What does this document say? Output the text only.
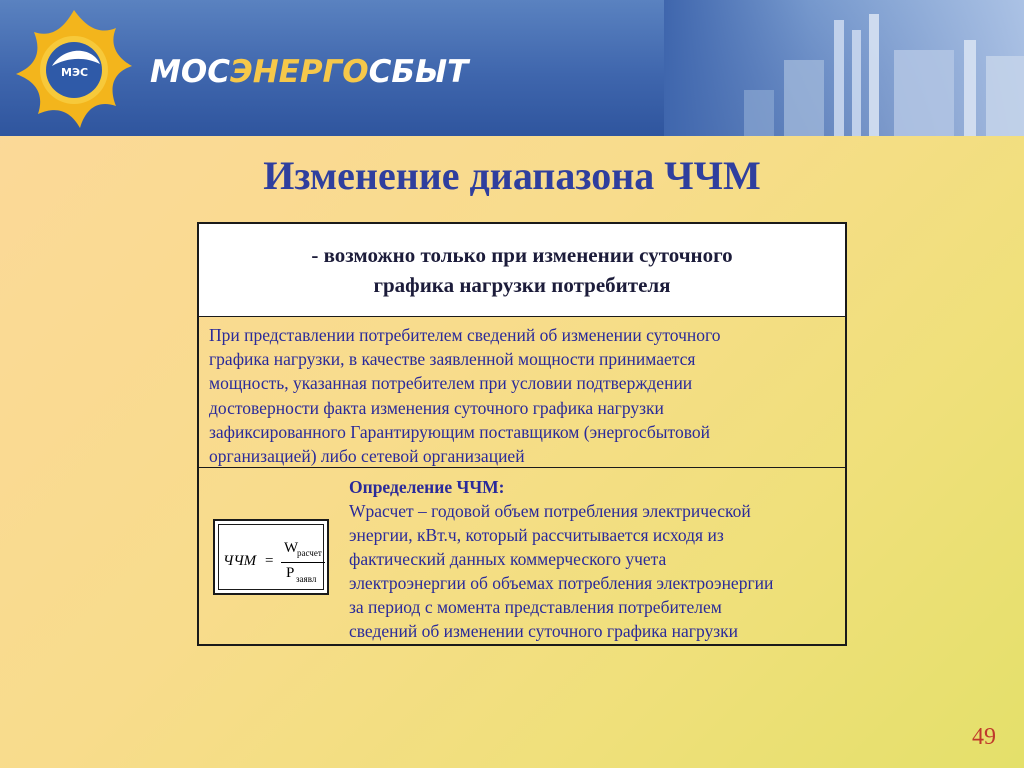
МЭС МОСЭНЕРГОСБЫТ
Изменение диапазона ЧЧМ
- возможно только при изменении суточного
графика нагрузки потребителя
При представлении потребителем сведений об изменении суточного
графика нагрузки, в качестве заявленной мощности принимается
мощность, указанная потребителем при условии подтверждении
достоверности факта изменения суточного графика нагрузки
зафиксированного Гарантирующим поставщиком (энергосбытовой
организацией) либо сетевой организацией
ЧЧМ =
W
расчет
P заявл
Определение ЧЧМ:
Wрасчет – годовой объем потребления электрической
энергии, кВт.ч, который рассчитывается исходя из
фактический данных коммерческого учета
электроэнергии об объемах потребления электроэнергии
за период с момента представления потребителем
сведений об изменении суточного графика нагрузки
49
